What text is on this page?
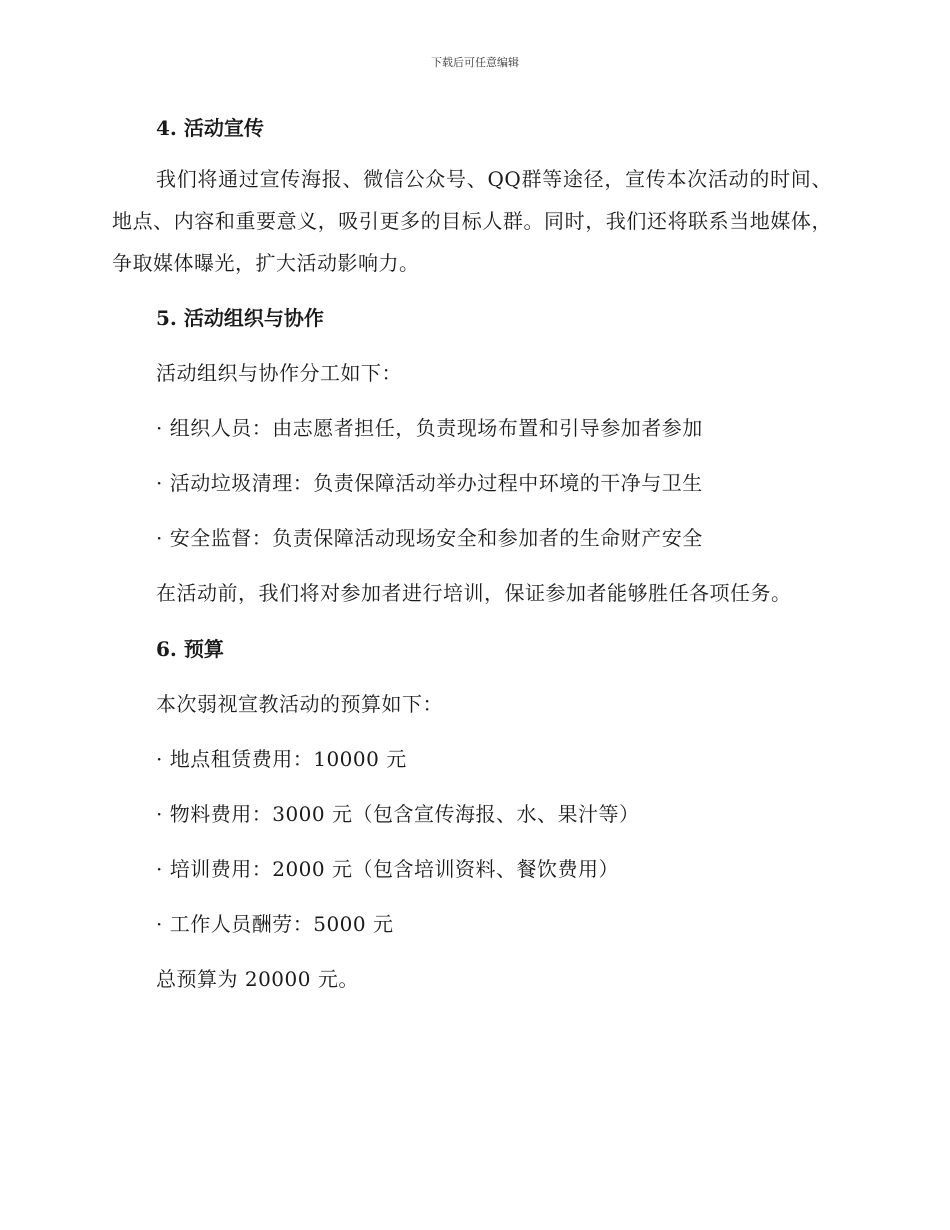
下载后可任意编辑
4. 活动宣传

我们将通过宣传海报、微信公众号、QQ群等途径，宣传本次活动的时间、地点、内容和重要意义，吸引更多的目标人群。同时，我们还将联系当地媒体，争取媒体曝光，扩大活动影响力。

5. 活动组织与协作

活动组织与协作分工如下：

· 组织人员：由志愿者担任，负责现场布置和引导参加者参加

· 活动垃圾清理：负责保障活动举办过程中环境的干净与卫生

· 安全监督：负责保障活动现场安全和参加者的生命财产安全

在活动前，我们将对参加者进行培训，保证参加者能够胜任各项任务。

6. 预算

本次弱视宣教活动的预算如下：

· 地点租赁费用：10000 元

· 物料费用：3000 元（包含宣传海报、水、果汁等）

· 培训费用：2000 元（包含培训资料、餐饮费用）

· 工作人员酬劳：5000 元

总预算为 20000 元。
